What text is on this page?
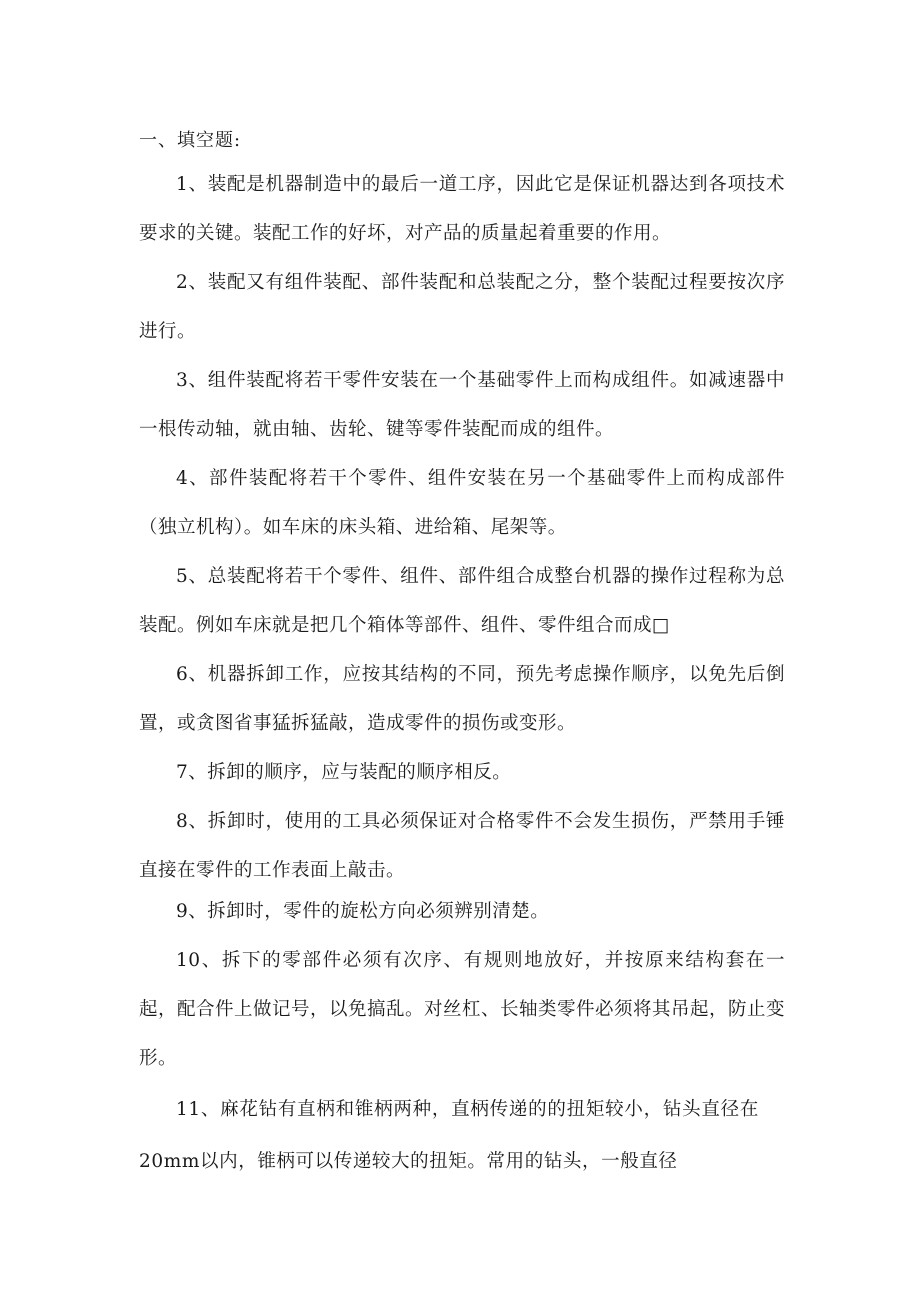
一、填空题:

1、装配是机器制造中的最后一道工序，因此它是保证机器达到各项技术要求的关键。装配工作的好坏，对产品的质量起着重要的作用。

2、装配又有组件装配、部件装配和总装配之分，整个装配过程要按次序进行。

3、组件装配将若干零件安装在一个基础零件上而构成组件。如减速器中一根传动轴，就由轴、齿轮、键等零件装配而成的组件。

4、部件装配将若干个零件、组件安装在另一个基础零件上而构成部件（独立机构）。如车床的床头箱、进给箱、尾架等。

5、总装配将若干个零件、组件、部件组合成整台机器的操作过程称为总装配。例如车床就是把几个箱体等部件、组件、零件组合而成□

6、机器拆卸工作，应按其结构的不同，预先考虑操作顺序，以免先后倒置，或贪图省事猛拆猛敲，造成零件的损伤或变形。

7、拆卸的顺序，应与装配的顺序相反。

8、拆卸时，使用的工具必须保证对合格零件不会发生损伤，严禁用手锤直接在零件的工作表面上敲击。

9、拆卸时，零件的旋松方向必须辨别清楚。

10、拆下的零部件必须有次序、有规则地放好，并按原来结构套在一起，配合件上做记号，以免搞乱。对丝杠、长轴类零件必须将其吊起，防止变形。

11、麻花钻有直柄和锥柄两种，直柄传递的的扭矩较小，钻头直径在20mm以内，锥柄可以传递较大的扭矩。常用的钻头，一般直径
